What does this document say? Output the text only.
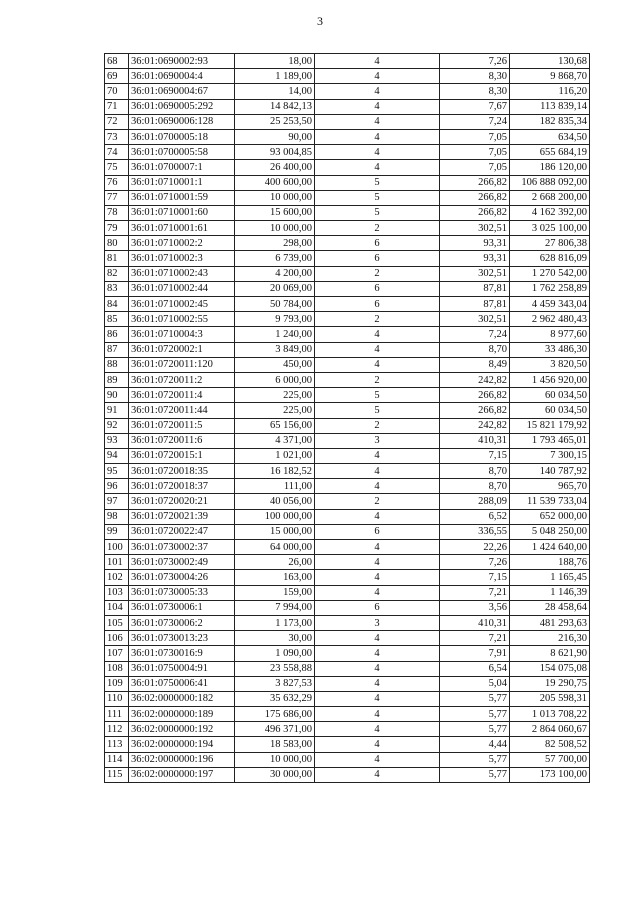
3
68	36:01:0690002:93	18,00	4	7,26	130,68
69	36:01:0690004:4	1 189,00	4	8,30	9 868,70
70	36:01:0690004:67	14,00	4	8,30	116,20
71	36:01:0690005:292	14 842,13	4	7,67	113 839,14
72	36:01:0690006:128	25 253,50	4	7,24	182 835,34
73	36:01:0700005:18	90,00	4	7,05	634,50
74	36:01:0700005:58	93 004,85	4	7,05	655 684,19
75	36:01:0700007:1	26 400,00	4	7,05	186 120,00
76	36:01:0710001:1	400 600,00	5	266,82	106 888 092,00
77	36:01:0710001:59	10 000,00	5	266,82	2 668 200,00
78	36:01:0710001:60	15 600,00	5	266,82	4 162 392,00
79	36:01:0710001:61	10 000,00	2	302,51	3 025 100,00
80	36:01:0710002:2	298,00	6	93,31	27 806,38
81	36:01:0710002:3	6 739,00	6	93,31	628 816,09
82	36:01:0710002:43	4 200,00	2	302,51	1 270 542,00
83	36:01:0710002:44	20 069,00	6	87,81	1 762 258,89
84	36:01:0710002:45	50 784,00	6	87,81	4 459 343,04
85	36:01:0710002:55	9 793,00	2	302,51	2 962 480,43
86	36:01:0710004:3	1 240,00	4	7,24	8 977,60
87	36:01:0720002:1	3 849,00	4	8,70	33 486,30
88	36:01:0720011:120	450,00	4	8,49	3 820,50
89	36:01:0720011:2	6 000,00	2	242,82	1 456 920,00
90	36:01:0720011:4	225,00	5	266,82	60 034,50
91	36:01:0720011:44	225,00	5	266,82	60 034,50
92	36:01:0720011:5	65 156,00	2	242,82	15 821 179,92
93	36:01:0720011:6	4 371,00	3	410,31	1 793 465,01
94	36:01:0720015:1	1 021,00	4	7,15	7 300,15
95	36:01:0720018:35	16 182,52	4	8,70	140 787,92
96	36:01:0720018:37	111,00	4	8,70	965,70
97	36:01:0720020:21	40 056,00	2	288,09	11 539 733,04
98	36:01:0720021:39	100 000,00	4	6,52	652 000,00
99	36:01:0720022:47	15 000,00	6	336,55	5 048 250,00
100	36:01:0730002:37	64 000,00	4	22,26	1 424 640,00
101	36:01:0730002:49	26,00	4	7,26	188,76
102	36:01:0730004:26	163,00	4	7,15	1 165,45
103	36:01:0730005:33	159,00	4	7,21	1 146,39
104	36:01:0730006:1	7 994,00	6	3,56	28 458,64
105	36:01:0730006:2	1 173,00	3	410,31	481 293,63
106	36:01:0730013:23	30,00	4	7,21	216,30
107	36:01:0730016:9	1 090,00	4	7,91	8 621,90
108	36:01:0750004:91	23 558,88	4	6,54	154 075,08
109	36:01:0750006:41	3 827,53	4	5,04	19 290,75
110	36:02:0000000:182	35 632,29	4	5,77	205 598,31
111	36:02:0000000:189	175 686,00	4	5,77	1 013 708,22
112	36:02:0000000:192	496 371,00	4	5,77	2 864 060,67
113	36:02:0000000:194	18 583,00	4	4,44	82 508,52
114	36:02:0000000:196	10 000,00	4	5,77	57 700,00
115	36:02:0000000:197	30 000,00	4	5,77	173 100,00
